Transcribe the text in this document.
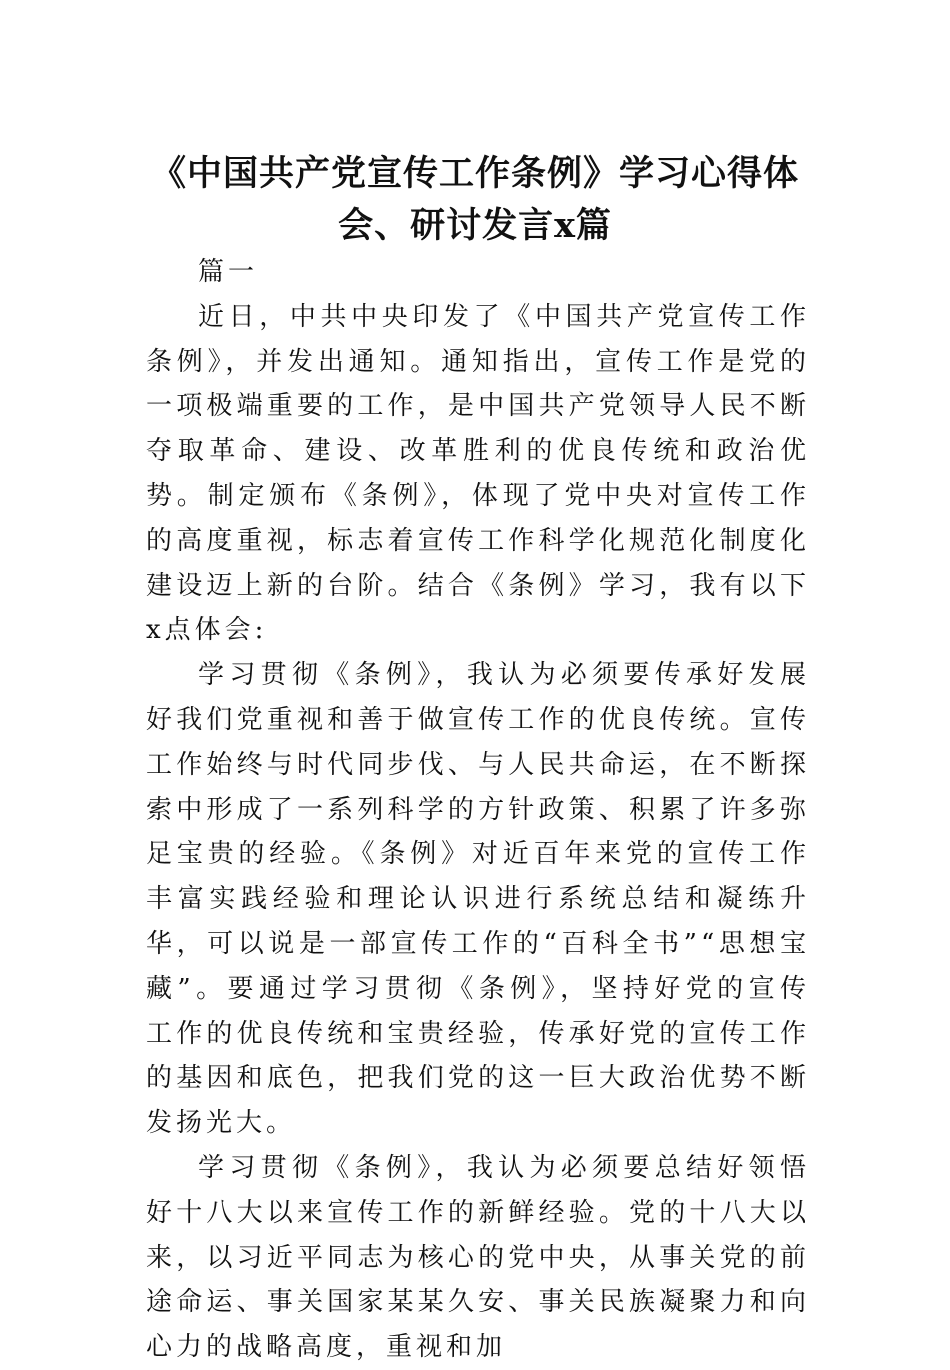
《中国共产党宣传工作条例》学习心得体
会、研讨发言x篇

篇一

近日，中共中央印发了《中国共产党宣传工作条例》，并发出通知。通知指出，宣传工作是党的一项极端重要的工作，是中国共产党领导人民不断夺取革命、建设、改革胜利的优良传统和政治优势。制定颁布《条例》，体现了党中央对宣传工作的高度重视，标志着宣传工作科学化规范化制度化建设迈上新的台阶。结合《条例》学习，我有以下x点体会:

学习贯彻《条例》，我认为必须要传承好发展好我们党重视和善于做宣传工作的优良传统。宣传工作始终与时代同步伐、与人民共命运，在不断探索中形成了一系列科学的方针政策、积累了许多弥足宝贵的经验。《条例》对近百年来党的宣传工作丰富实践经验和理论认识进行系统总结和凝练升华，可以说是一部宣传工作的“百科全书”“思想宝藏”。要通过学习贯彻《条例》，坚持好党的宣传工作的优良传统和宝贵经验，传承好党的宣传工作的基因和底色，把我们党的这一巨大政治优势不断发扬光大。

学习贯彻《条例》，我认为必须要总结好领悟好十八大以来宣传工作的新鲜经验。党的十八大以来，以习近平同志为核心的党中央，从事关党的前途命运、事关国家某某久安、事关民族凝聚力和向心力的战略高度，重视和加
